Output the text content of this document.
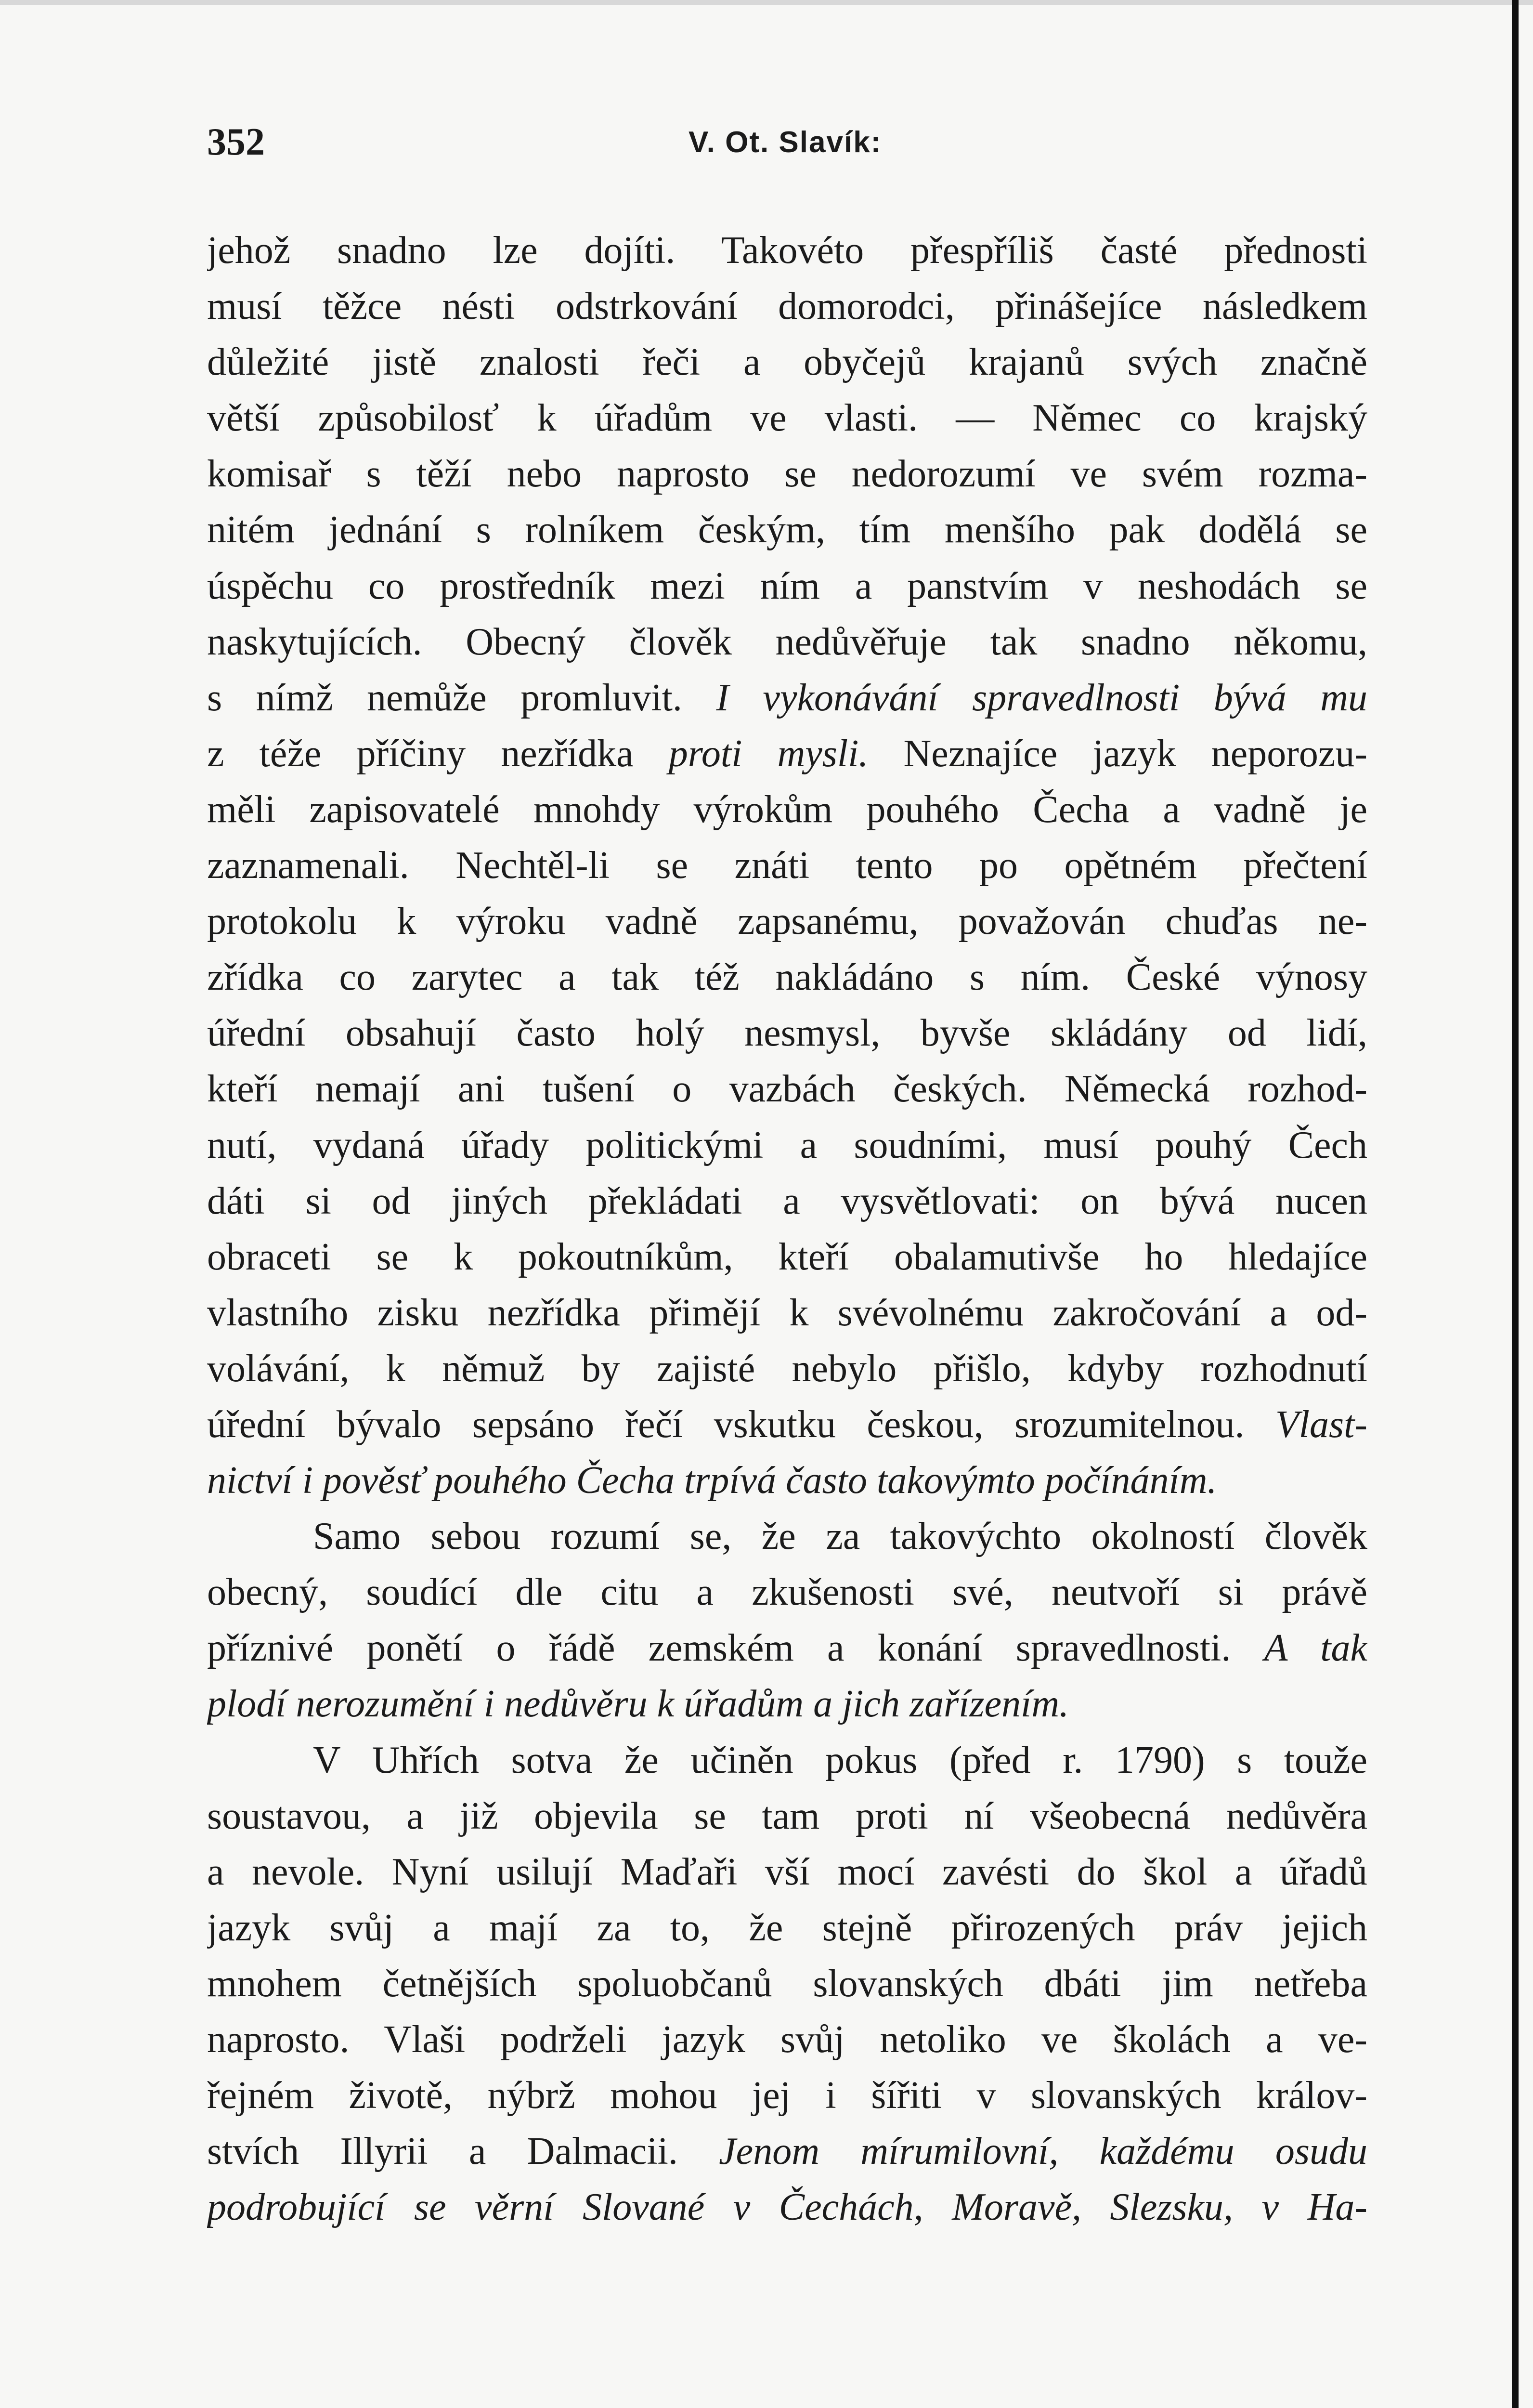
352	V. Ot. Slavík:
jehož snadno lze dojíti. Takovéto přespříliš časté přednosti
musí těžce nésti odstrkování domorodci, přinášejíce následkem
důležité jistě znalosti řeči a obyčejů krajanů svých značně
větší způsobilosť k úřadům ve vlasti. — Němec co krajský
komisař s těží nebo naprosto se nedorozumí ve svém rozma-
nitém jednání s rolníkem českým, tím menšího pak dodělá se
úspěchu co prostředník mezi ním a panstvím v neshodách se
naskytujících. Obecný člověk nedůvěřuje tak snadno někomu,
s nímž nemůže promluvit. I vykonávání spravedlnosti bývá mu
z téže příčiny nezřídka proti mysli. Neznajíce jazyk neporozu-
měli zapisovatelé mnohdy výrokům pouhého Čecha a vadně je
zaznamenali. Nechtěl-li se znáti tento po opětném přečtení
protokolu k výroku vadně zapsanému, považován chuďas ne-
zřídka co zarytec a tak též nakládáno s ním. České výnosy
úřední obsahují často holý nesmysl, byvše skládány od lidí,
kteří nemají ani tušení o vazbách českých. Německá rozhod-
nutí, vydaná úřady politickými a soudními, musí pouhý Čech
dáti si od jiných překládati a vysvětlovati: on bývá nucen
obraceti se k pokoutníkům, kteří obalamutivše ho hledajíce
vlastního zisku nezřídka přimějí k svévolnému zakročování a od-
volávání, k němuž by zajisté nebylo přišlo, kdyby rozhodnutí
úřední bývalo sepsáno řečí vskutku českou, srozumitelnou. Vlast-
nictví i pověsť pouhého Čecha trpívá často takovýmto počínáním.
Samo sebou rozumí se, že za takovýchto okolností člověk
obecný, soudící dle citu a zkušenosti své, neutvoří si právě
příznivé ponětí o řádě zemském a konání spravedlnosti. A tak
plodí nerozumění i nedůvěru k úřadům a jich zařízením.
V Uhřích sotva že učiněn pokus (před r. 1790) s touže
soustavou, a již objevila se tam proti ní všeobecná nedůvěra
a nevole. Nyní usilují Maďaři vší mocí zavésti do škol a úřadů
jazyk svůj a mají za to, že stejně přirozených práv jejich
mnohem četnějších spoluobčanů slovanských dbáti jim netřeba
naprosto. Vlaši podrželi jazyk svůj netoliko ve školách a ve-
řejném životě, nýbrž mohou jej i šířiti v slovanských králov-
stvích Illyrii a Dalmacii. Jenom mírumilovní, každému osudu
podrobující se věrní Slované v Čechách, Moravě, Slezsku, v Ha-
